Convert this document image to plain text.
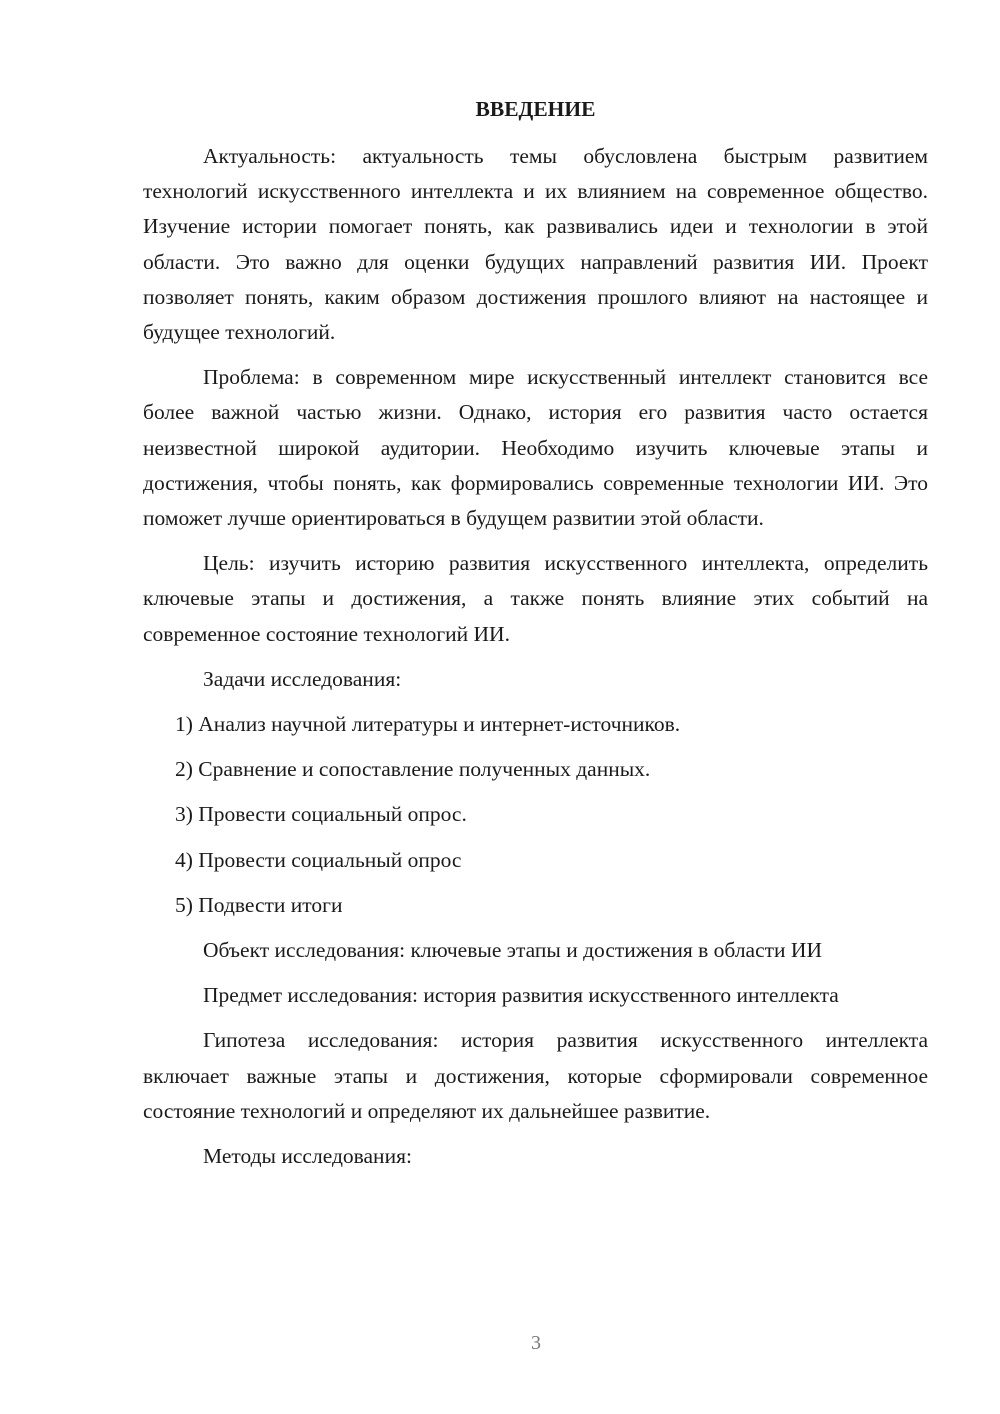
ВВЕДЕНИЕ
Актуальность: актуальность темы обусловлена быстрым развитием технологий искусственного интеллекта и их влиянием на современное общество. Изучение истории помогает понять, как развивались идеи и технологии в этой области. Это важно для оценки будущих направлений развития ИИ. Проект позволяет понять, каким образом достижения прошлого влияют на настоящее и будущее технологий.
Проблема: в современном мире искусственный интеллект становится все более важной частью жизни. Однако, история его развития часто остается неизвестной широкой аудитории. Необходимо изучить ключевые этапы и достижения, чтобы понять, как формировались современные технологии ИИ. Это поможет лучше ориентироваться в будущем развитии этой области.
Цель: изучить историю развития искусственного интеллекта, определить ключевые этапы и достижения, а также понять влияние этих событий на современное состояние технологий ИИ.
Задачи исследования:
1) Анализ научной литературы и интернет-источников.
2) Сравнение и сопоставление полученных данных.
3) Провести социальный опрос.
4) Провести социальный опрос
5) Подвести итоги
Объект исследования: ключевые этапы и достижения в области ИИ
Предмет исследования: история развития искусственного интеллекта
Гипотеза исследования: история развития искусственного интеллекта включает важные этапы и достижения, которые сформировали современное состояние технологий и определяют их дальнейшее развитие.
Методы исследования:
3
